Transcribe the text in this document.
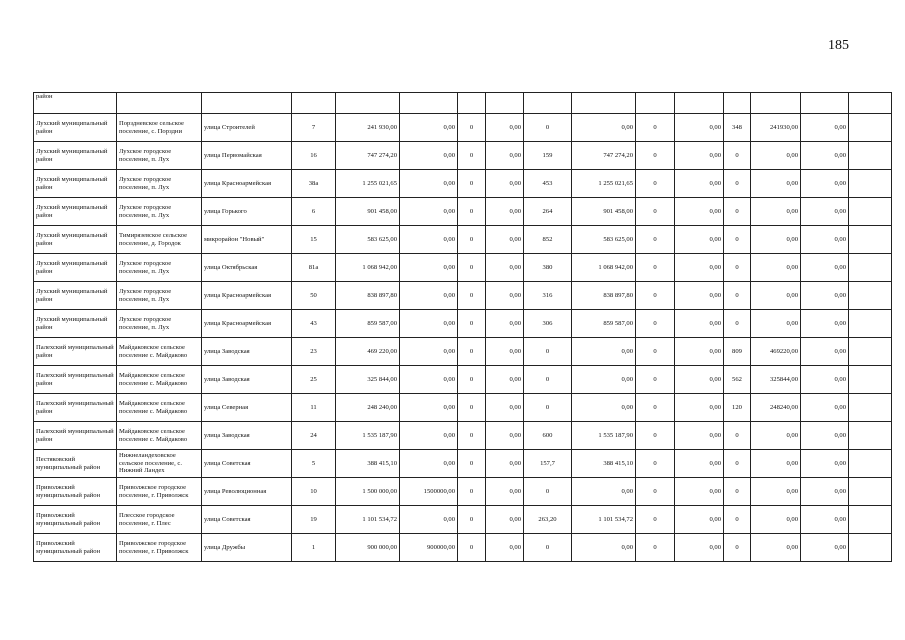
185
район															
Лухский муниципальный район	Порздневское сельское поселение, с. Порздни	улица Строителей	7	241 930,00	0,00	0	0,00	0	0,00	0	0,00	348	241930,00	0,00	
Лухский муниципальный район	Лухское городское поселение, п. Лух	улица Первомайская	16	747 274,20	0,00	0	0,00	159	747 274,20	0	0,00	0	0,00	0,00	
Лухский муниципальный район	Лухское городское поселение, п. Лух	улица Красноармейская	38а	1 255 021,65	0,00	0	0,00	453	1 255 021,65	0	0,00	0	0,00	0,00	
Лухский муниципальный район	Лухское городское поселение, п. Лух	улица Горького	6	901 458,00	0,00	0	0,00	264	901 458,00	0	0,00	0	0,00	0,00	
Лухский муниципальный район	Тимирязевское сельское поселение, д. Городок	микрорайон "Новый"	15	583 625,00	0,00	0	0,00	852	583 625,00	0	0,00	0	0,00	0,00	
Лухский муниципальный район	Лухское городское поселение, п. Лух	улица Октябрьская	81а	1 068 942,00	0,00	0	0,00	380	1 068 942,00	0	0,00	0	0,00	0,00	
Лухский муниципальный район	Лухское городское поселение, п. Лух	улица Красноармейская	50	838 897,80	0,00	0	0,00	316	838 897,80	0	0,00	0	0,00	0,00	
Лухский муниципальный район	Лухское городское поселение, п. Лух	улица Красноармейская	43	859 587,00	0,00	0	0,00	306	859 587,00	0	0,00	0	0,00	0,00	
Палехский муниципальный район	Майдаковское сельское поселение с. Майдаково	улица Заводская	23	469 220,00	0,00	0	0,00	0	0,00	0	0,00	809	469220,00	0,00	
Палехский муниципальный район	Майдаковское сельское поселение с. Майдаково	улица Заводская	25	325 844,00	0,00	0	0,00	0	0,00	0	0,00	562	325844,00	0,00	
Палехский муниципальный район	Майдаковское сельское поселение с. Майдаково	улица Северная	11	248 240,00	0,00	0	0,00	0	0,00	0	0,00	120	248240,00	0,00	
Палехский муниципальный район	Майдаковское сельское поселение с. Майдаково	улица Заводская	24	1 535 187,90	0,00	0	0,00	600	1 535 187,90	0	0,00	0	0,00	0,00	
Пестяковский муниципальный район	Нижнеландеховское сельское поселение, с. Нижний Ландех	улица Советская	5	388 415,10	0,00	0	0,00	157,7	388 415,10	0	0,00	0	0,00	0,00	
Приволжский муниципальный район	Приволжское городское поселение, г. Приволжск	улица Революционная	10	1 500 000,00	1500000,00	0	0,00	0	0,00	0	0,00	0	0,00	0,00	
Приволжский муниципальный район	Плесское городское поселение, г. Плес	улица Советская	19	1 101 534,72	0,00	0	0,00	263,20	1 101 534,72	0	0,00	0	0,00	0,00	
Приволжский муниципальный район	Приволжское городское поселение, г. Приволжск	улица Дружбы	1	900 000,00	900000,00	0	0,00	0	0,00	0	0,00	0	0,00	0,00	
